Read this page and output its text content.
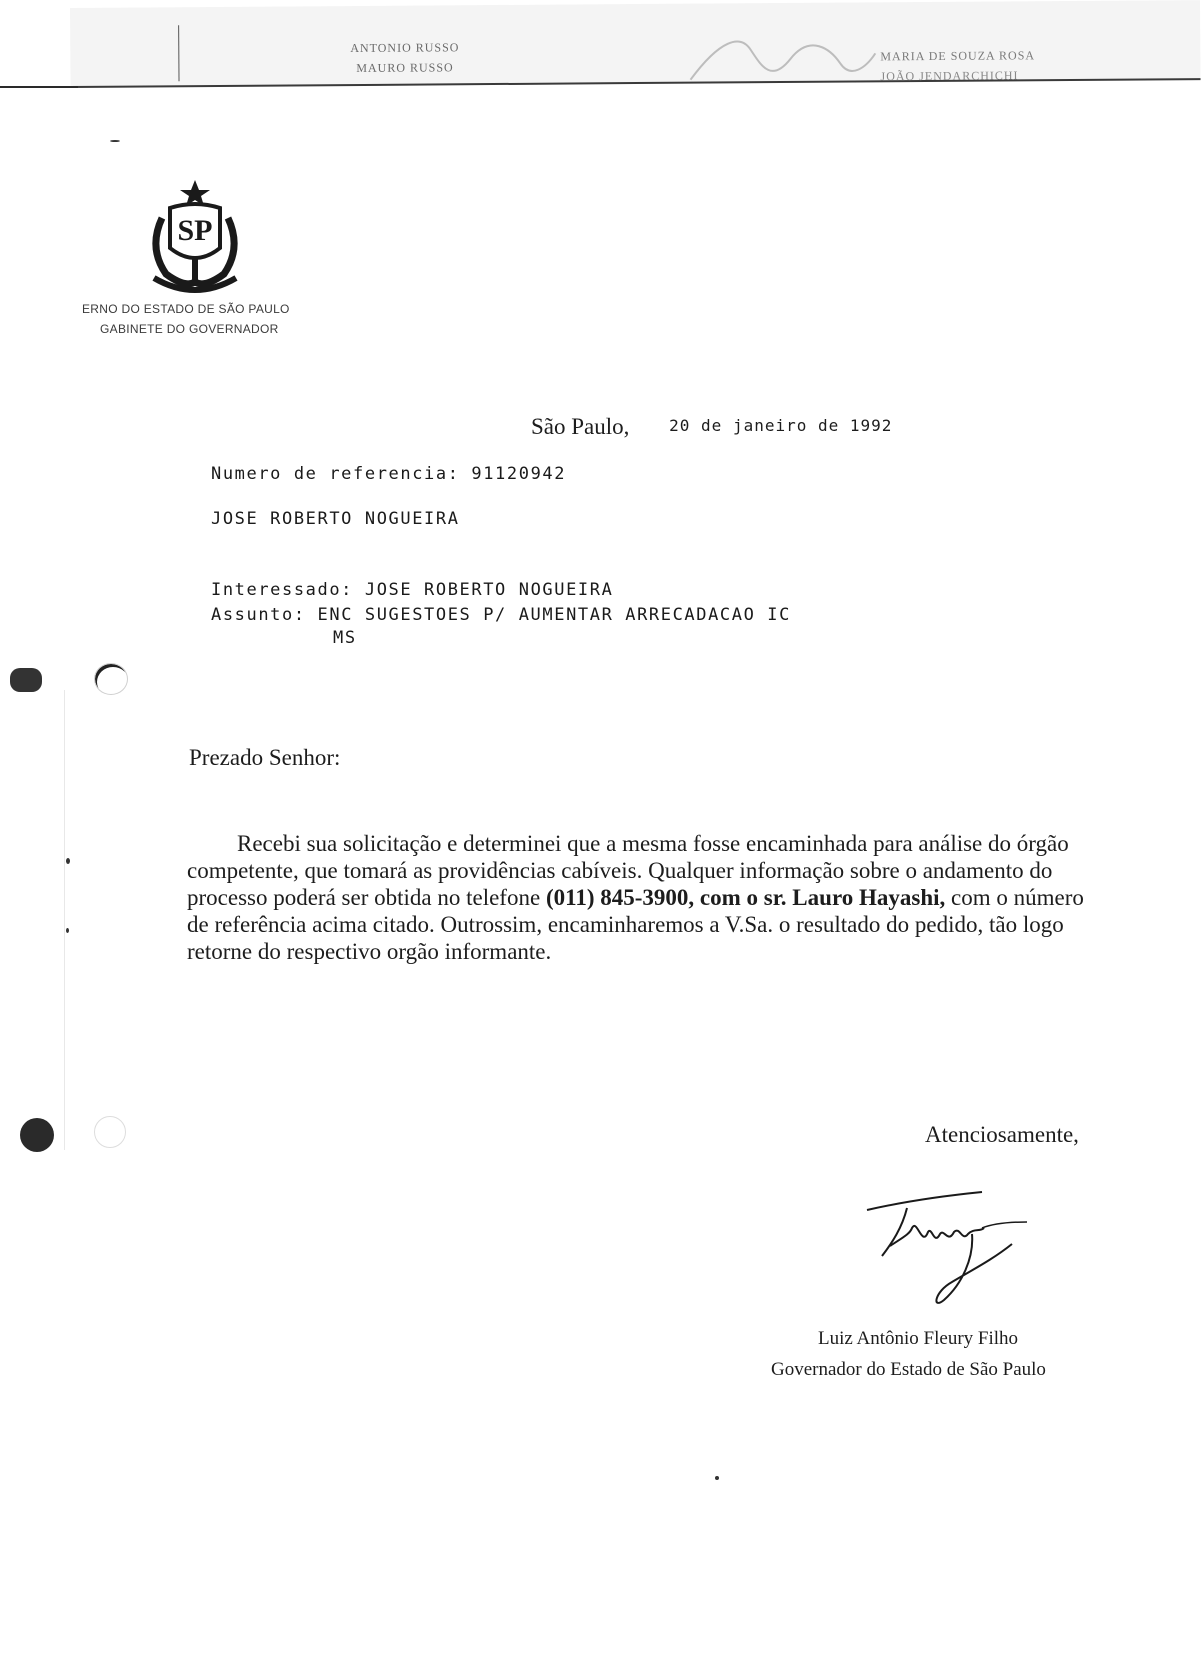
ANTONIO RUSSO
MAURO RUSSO
MARIA DE SOUZA ROSA
JOÃO JENDARCHICHI
SP
ERNO DO ESTADO DE SÃO PAULO
GABINETE DO GOVERNADOR
São Paulo, 20 de janeiro de 1992
Numero de referencia: 91120942
JOSE ROBERTO NOGUEIRA
Interessado: JOSE ROBERTO NOGUEIRA
Assunto: ENC SUGESTOES P/ AUMENTAR ARRECADACAO IC
MS
Prezado Senhor:

Recebi sua solicitação e determinei que a mesma fosse encaminhada para análise do órgão competente, que tomará as providências cabíveis. Qualquer informação sobre o andamento do processo poderá ser obtida no telefone (011) 845-3900, com o sr. Lauro Hayashi, com o número de referência acima citado. Outrossim, encaminharemos a V.Sa. o resultado do pedido, tão logo retorne do respectivo orgão informante.

Atenciosamente,
Luiz Antônio Fleury Filho
Governador do Estado de São Paulo
